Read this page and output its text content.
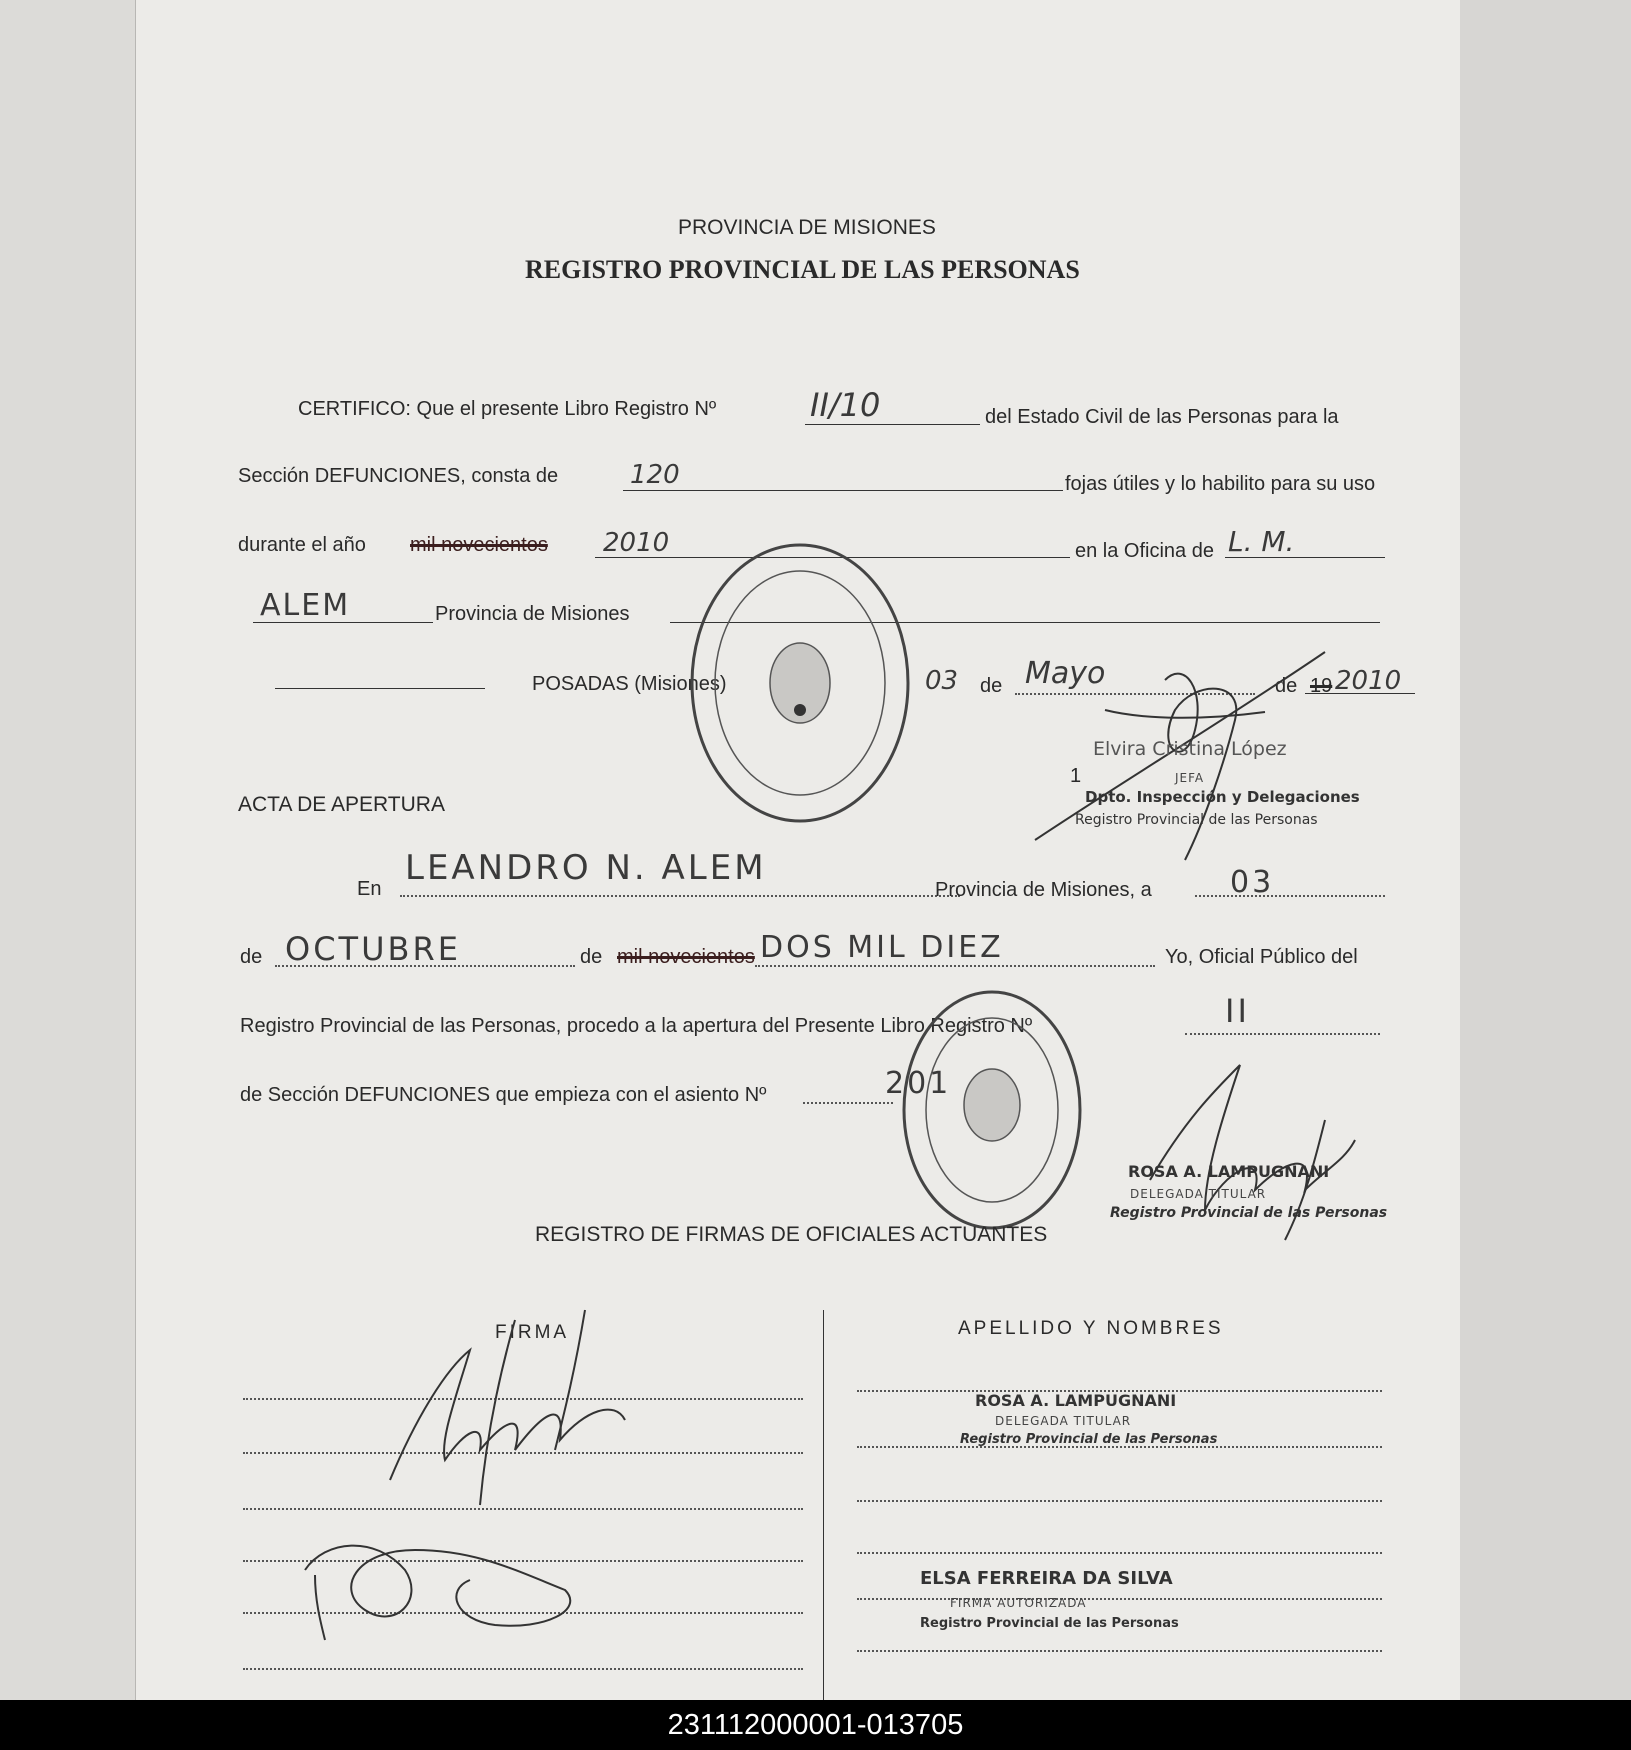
PROVINCIA DE MISIONES
REGISTRO PROVINCIAL DE LAS PERSONAS
CERTIFICO: Que el presente Libro Registro Nº	II/10	del Estado Civil de las Personas para la
Sección DEFUNCIONES, consta de	120	fojas útiles y lo habilito para su uso
durante el año mil novecientos 2010	en la Oficina de L. M.
ALEM	Provincia de Misiones
POSADAS (Misiones)	03 de Mayo	de 19 2010
Elvira Cristina López
JEFA
Dpto. Inspección y Delegaciones
Registro Provincial de las Personas
1
ACTA DE APERTURA
En
LEANDRO N. ALEM
Provincia de Misiones, a	03
de OCTUBRE	de mil novecientos DOS MIL DIEZ	Yo, Oficial Público del
Registro Provincial de las Personas, procedo a la apertura del Presente Libro Registro Nº	II
de Sección DEFUNCIONES que empieza con el asiento Nº	201
ROSA A. LAMPUGNANI
DELEGADA TITULAR
Registro Provincial de las Personas
REGISTRO DE FIRMAS DE OFICIALES ACTUANTES
FIRMA	APELLIDO Y NOMBRES
ROSA A. LAMPUGNANI
DELEGADA TITULAR
Registro Provincial de las Personas
ELSA FERREIRA DA SILVA
FIRMA AUTORIZADA
Registro Provincial de las Personas
231112000001-013705
